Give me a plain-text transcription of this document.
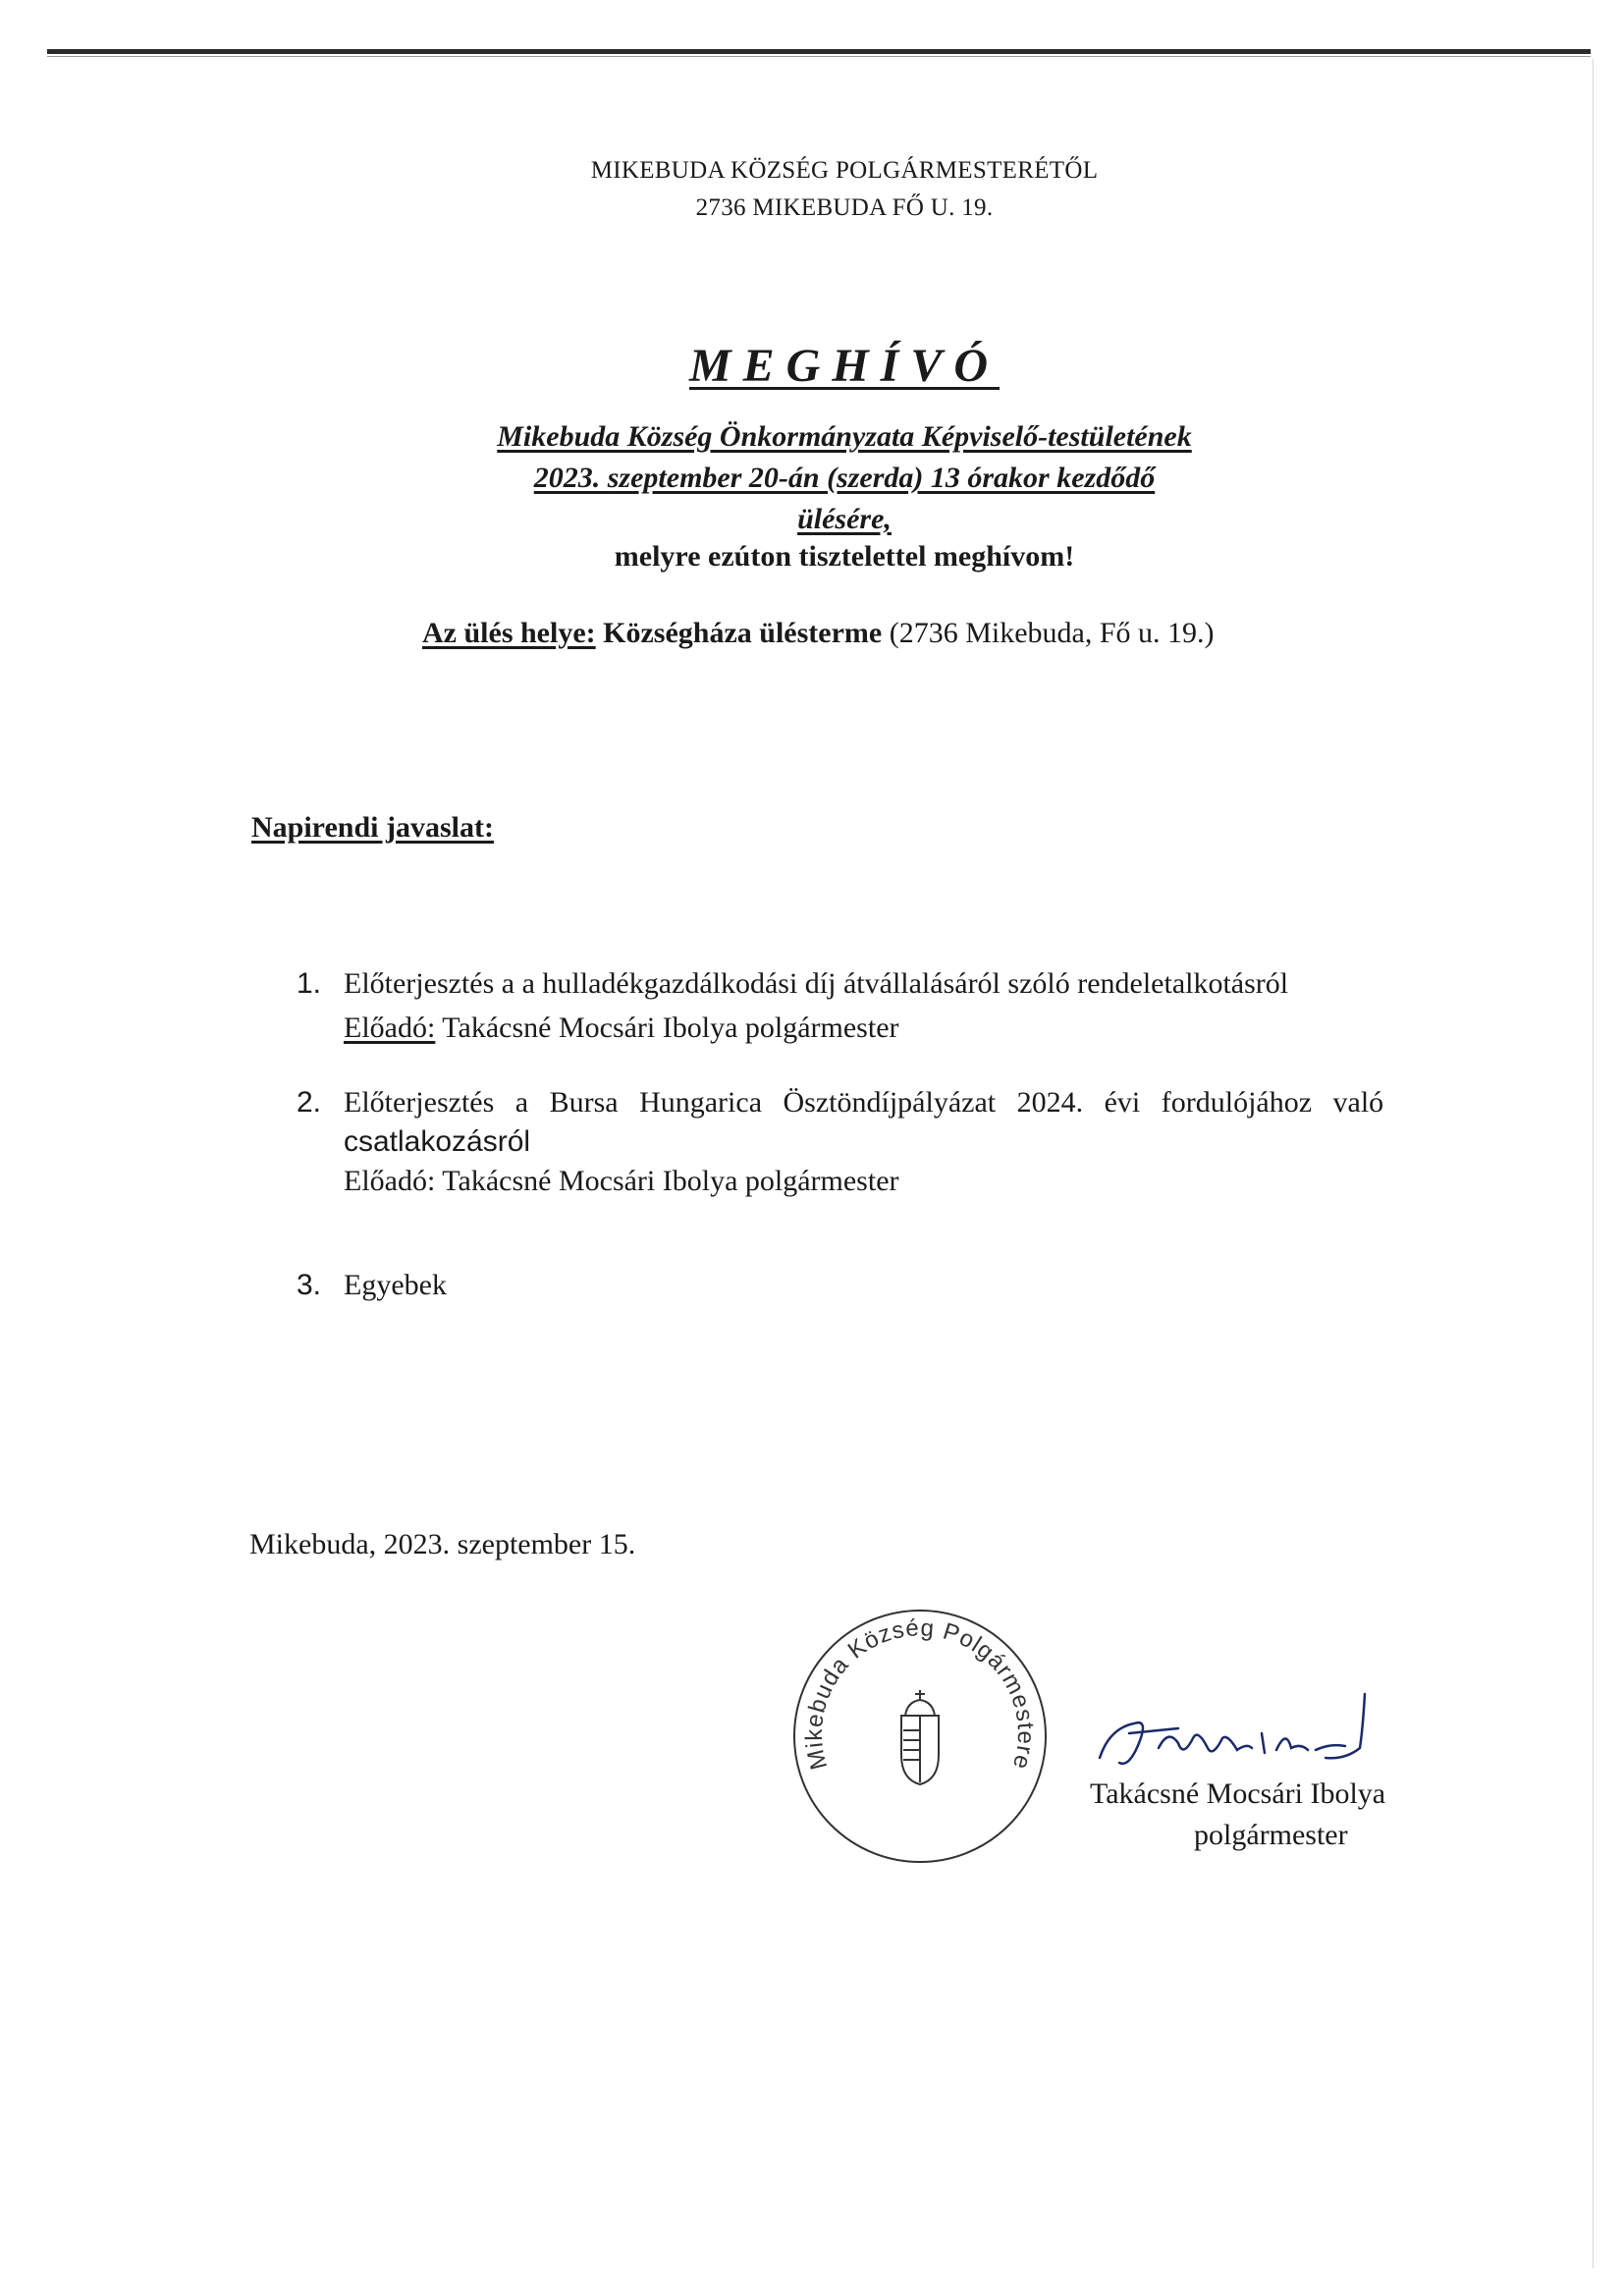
MIKEBUDA KÖZSÉG POLGÁRMESTERÉTŐL
2736 MIKEBUDA FŐ U. 19.
MEGHÍVÓ
Mikebuda Község Önkormányzata Képviselő-testületének
2023. szeptember 20-án (szerda) 13 órakor kezdődő
ülésére,
melyre ezúton tisztelettel meghívom!
Az ülés helye: Községháza ülésterme (2736 Mikebuda, Fő u. 19.)
Napirendi javaslat:
1. Előterjesztés a a hulladékgazdálkodási díj átvállalásáról szóló rendeletalkotásról
Előadó: Takácsné Mocsári Ibolya polgármester
2. Előterjesztés a Bursa Hungarica Ösztöndíjpályázat 2024. évi fordulójához való
csatlakozásról
Előadó: Takácsné Mocsári Ibolya polgármester
3. Egyebek
Mikebuda, 2023. szeptember 15.
Mikebuda Község Polgármestere
Takácsné Mocsári Ibolya
polgármester
